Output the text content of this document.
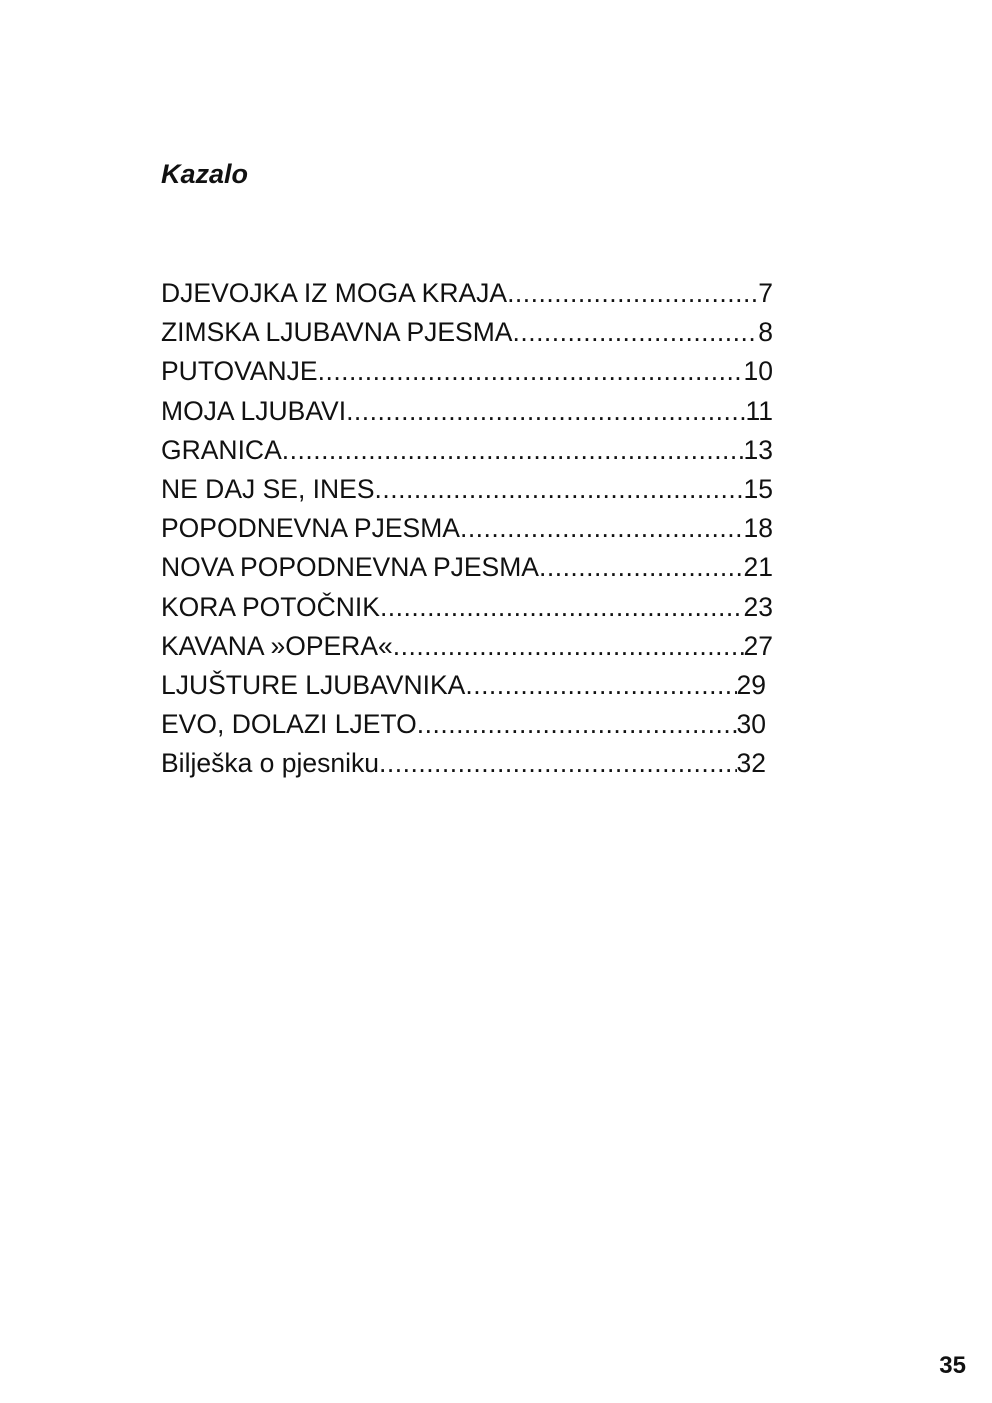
Kazalo
DJEVOJKA IZ MOGA KRAJA .....	7
ZIMSKA LJUBAVNA PJESMA .....	8
PUTOVANJE .....	10
MOJA LJUBAVI .....	11
GRANICA .....	13
NE DAJ SE, INES .....	15
POPODNEVNA PJESMA .....	18
NOVA POPODNEVNA PJESMA .....	21
KORA POTOČNIK .....	23
KAVANA »OPERA« .....	27
LJUŠTURE LJUBAVNIKA .....	29
EVO, DOLAZI LJETO .....	30
Bilješka o pjesniku .....	32
35
